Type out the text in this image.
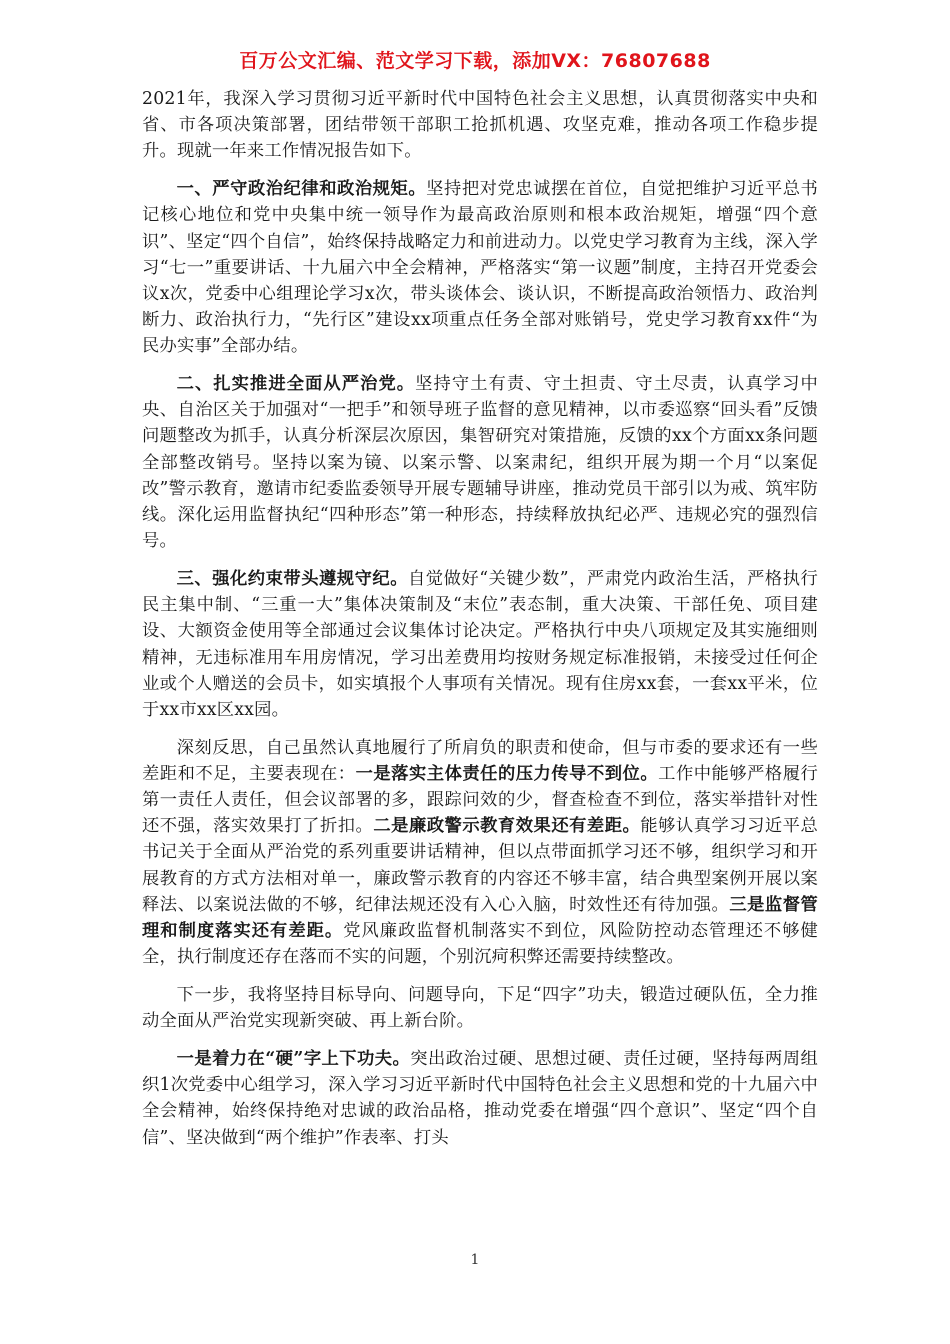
百万公文汇编、范文学习下载，添加VX：76807688

2021年，我深入学习贯彻习近平新时代中国特色社会主义思想，认真贯彻落实中央和省、市各项决策部署，团结带领干部职工抢抓机遇、攻坚克难，推动各项工作稳步提升。现就一年来工作情况报告如下。

一、严守政治纪律和政治规矩。坚持把对党忠诚摆在首位，自觉把维护习近平总书记核心地位和党中央集中统一领导作为最高政治原则和根本政治规矩，增强“四个意识”、坚定“四个自信”，始终保持战略定力和前进动力。以党史学习教育为主线，深入学习“七一”重要讲话、十九届六中全会精神，严格落实“第一议题”制度，主持召开党委会议x次，党委中心组理论学习x次，带头谈体会、谈认识，不断提高政治领悟力、政治判断力、政治执行力，“先行区”建设xx项重点任务全部对账销号，党史学习教育xx件“为民办实事”全部办结。

二、扎实推进全面从严治党。坚持守土有责、守土担责、守土尽责，认真学习中央、自治区关于加强对“一把手”和领导班子监督的意见精神，以市委巡察“回头看”反馈问题整改为抓手，认真分析深层次原因，集智研究对策措施，反馈的xx个方面xx条问题全部整改销号。坚持以案为镜、以案示警、以案肃纪，组织开展为期一个月“以案促改”警示教育，邀请市纪委监委领导开展专题辅导讲座，推动党员干部引以为戒、筑牢防线。深化运用监督执纪“四种形态”第一种形态，持续释放执纪必严、违规必究的强烈信号。

三、强化约束带头遵规守纪。自觉做好“关键少数”，严肃党内政治生活，严格执行民主集中制、“三重一大”集体决策制及“末位”表态制，重大决策、干部任免、项目建设、大额资金使用等全部通过会议集体讨论决定。严格执行中央八项规定及其实施细则精神，无违标准用车用房情况，学习出差费用均按财务规定标准报销，未接受过任何企业或个人赠送的会员卡，如实填报个人事项有关情况。现有住房xx套，一套xx平米，位于xx市xx区xx园。

深刻反思，自己虽然认真地履行了所肩负的职责和使命，但与市委的要求还有一些差距和不足，主要表现在：一是落实主体责任的压力传导不到位。工作中能够严格履行第一责任人责任，但会议部署的多，跟踪问效的少，督查检查不到位，落实举措针对性还不强，落实效果打了折扣。二是廉政警示教育效果还有差距。能够认真学习习近平总书记关于全面从严治党的系列重要讲话精神，但以点带面抓学习还不够，组织学习和开展教育的方式方法相对单一，廉政警示教育的内容还不够丰富，结合典型案例开展以案释法、以案说法做的不够，纪律法规还没有入心入脑，时效性还有待加强。三是监督管理和制度落实还有差距。党风廉政监督机制落实不到位，风险防控动态管理还不够健全，执行制度还存在落而不实的问题，个别沉疴积弊还需要持续整改。

下一步，我将坚持目标导向、问题导向，下足“四字”功夫，锻造过硬队伍，全力推动全面从严治党实现新突破、再上新台阶。

一是着力在“硬”字上下功夫。突出政治过硬、思想过硬、责任过硬，坚持每两周组织1次党委中心组学习，深入学习习近平新时代中国特色社会主义思想和党的十九届六中全会精神，始终保持绝对忠诚的政治品格，推动党委在增强“四个意识”、坚定“四个自信”、坚决做到“两个维护”作表率、打头

1
